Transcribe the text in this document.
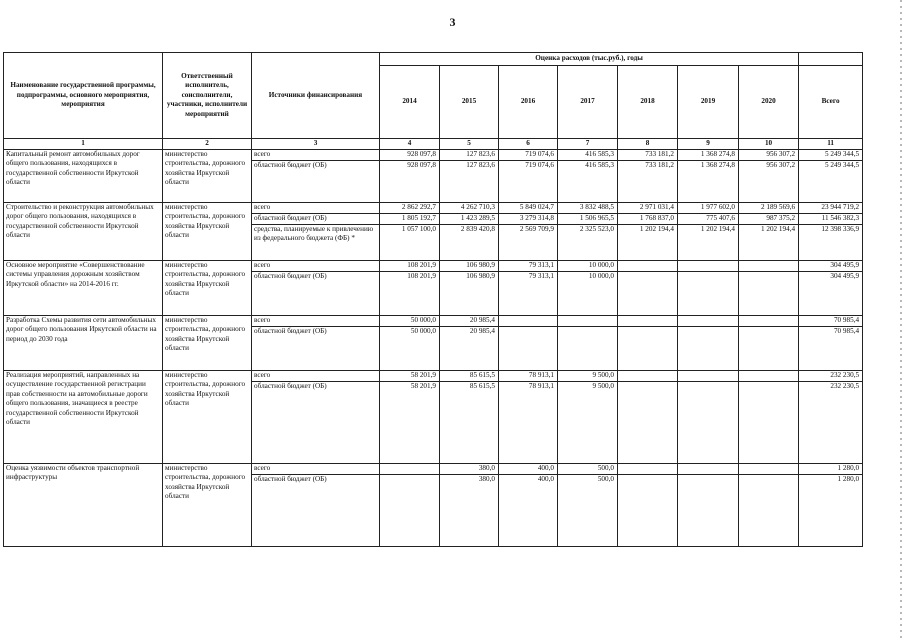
3
Наименование государственной программы, подпрограммы, основного мероприятия, мероприятия	Ответственный исполнитель, соисполнители, участники, исполнители мероприятий	Источники финансирования	Оценка расходов (тыс.руб.), годы							
			2014	2015	2016	2017	2018	2019	2020	Всего
1	2	3	4	5	6	7	8	9	10	11
Капитальный ремонт автомобильных дорог общего пользования, находящихся в государственной собственности Иркутской области	министерство строительства, дорожного хозяйства Иркутской области	всего	928 097,8	127 823,6	719 074,6	416 585,3	733 181,2	1 368 274,8	956 307,2	5 249 344,5
		областной бюджет (ОБ)	928 097,8	127 823,6	719 074,6	416 585,3	733 181,2	1 368 274,8	956 307,2	5 249 344,5
Строительство и реконструкция автомобильных дорог общего пользования, находящихся в государственной собственности Иркутской области	министерство строительства, дорожного хозяйства Иркутской области	всего	2 862 292,7	4 262 710,3	5 849 024,7	3 832 488,5	2 971 031,4	1 977 602,0	2 189 569,6	23 944 719,2
		областной бюджет (ОБ)	1 805 192,7	1 423 289,5	3 279 314,8	1 506 965,5	1 768 837,0	775 407,6	987 375,2	11 546 382,3
		средства, планируемые к привлечению из федерального бюджета (ФБ) *	1 057 100,0	2 839 420,8	2 569 709,9	2 325 523,0	1 202 194,4	1 202 194,4	1 202 194,4	12 398 336,9
Основное мероприятие «Совершенствование системы управления дорожным хозяйством Иркутской области» на 2014-2016 гг.	министерство строительства, дорожного хозяйства Иркутской области	всего	108 201,9	106 980,9	79 313,1	10 000,0				304 495,9
		областной бюджет (ОБ)	108 201,9	106 980,9	79 313,1	10 000,0				304 495,9
Разработка Схемы развития сети автомобильных дорог общего пользования Иркутской области на период до 2030 года	министерство строительства, дорожного хозяйства Иркутской области	всего	50 000,0	20 985,4						70 985,4
		областной бюджет (ОБ)	50 000,0	20 985,4						70 985,4
Реализация мероприятий, направленных на осуществление государственной регистрации прав собственности на автомобильные дороги общего пользования, значащиеся в реестре государственной собственности Иркутской области	министерство строительства, дорожного хозяйства Иркутской области	всего	58 201,9	85 615,5	78 913,1	9 500,0				232 230,5
		областной бюджет (ОБ)	58 201,9	85 615,5	78 913,1	9 500,0				232 230,5
Оценка уязвимости объектов транспортной инфраструктуры	министерство строительства, дорожного хозяйства Иркутской области	всего		380,0	400,0	500,0				1 280,0
		областной бюджет (ОБ)		380,0	400,0	500,0				1 280,0
